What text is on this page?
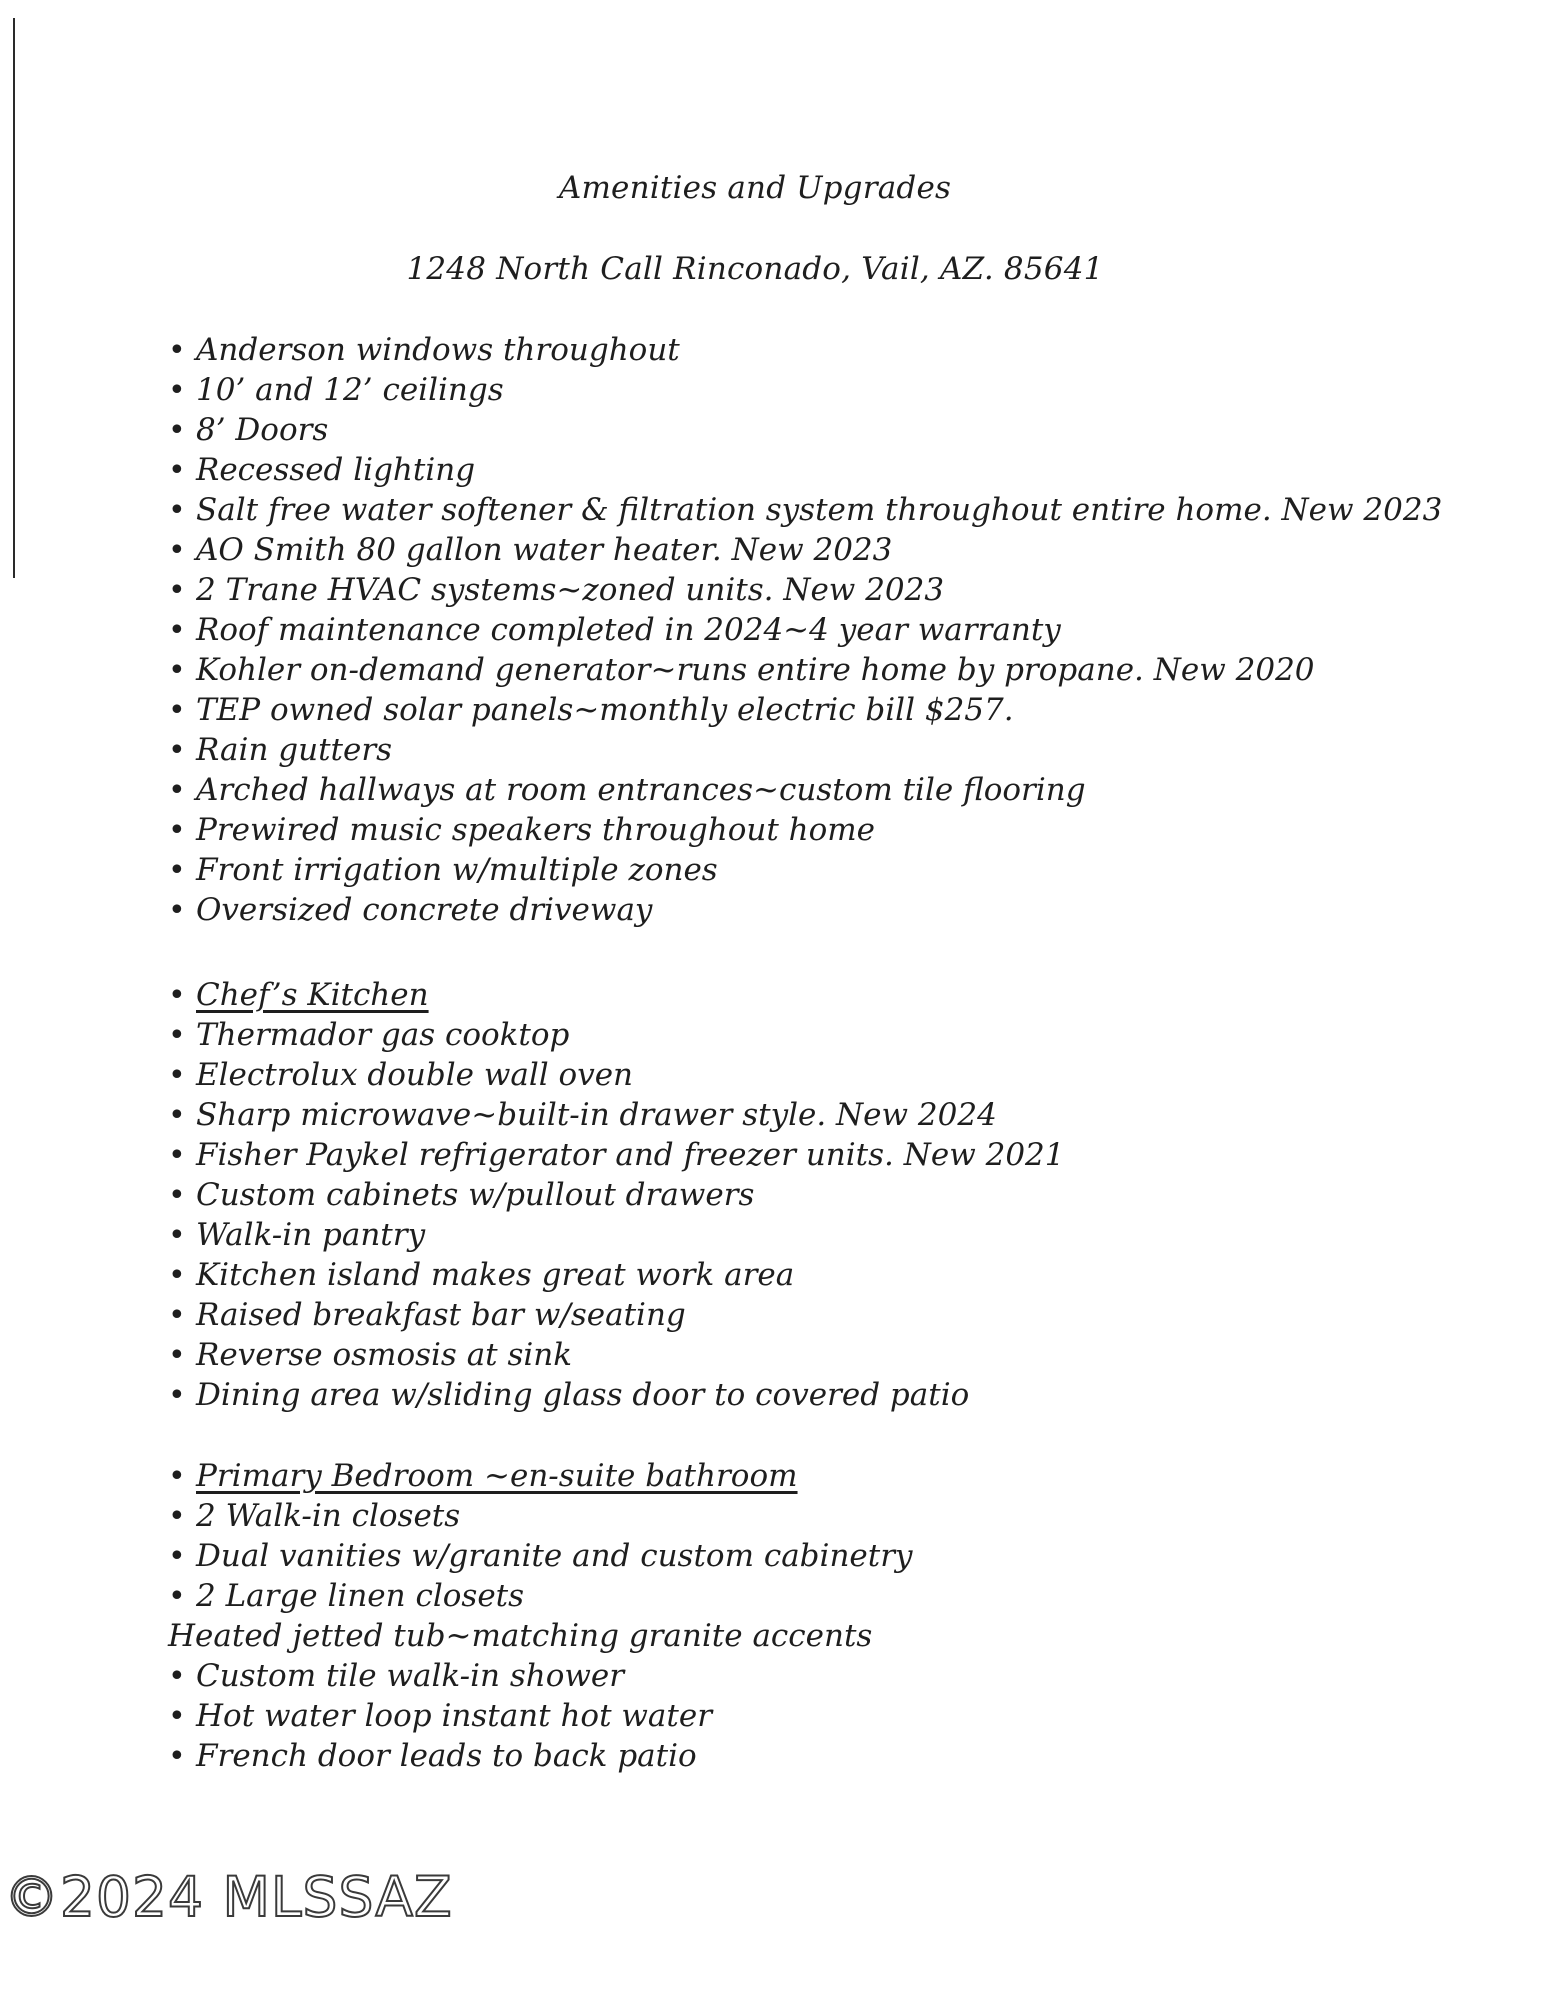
Amenities and Upgrades
1248 North Call Rinconado, Vail, AZ. 85641
• Anderson windows throughout
• 10’ and 12’ ceilings
• 8’ Doors
• Recessed lighting
• Salt free water softener & filtration system throughout entire home. New 2023
• AO Smith 80 gallon water heater. New 2023
• 2 Trane HVAC systems~zoned units. New 2023
• Roof maintenance completed in 2024~4 year warranty
• Kohler on-demand generator~runs entire home by propane. New 2020
• TEP owned solar panels~monthly electric bill $257.
• Rain gutters
• Arched hallways at room entrances~custom tile flooring
• Prewired music speakers throughout home
• Front irrigation w/multiple zones
• Oversized concrete driveway
• Chef’s Kitchen
• Thermador gas cooktop
• Electrolux double wall oven
• Sharp microwave~built-in drawer style. New 2024
• Fisher Paykel refrigerator and freezer units. New 2021
• Custom cabinets w/pullout drawers
• Walk-in pantry
• Kitchen island makes great work area
• Raised breakfast bar w/seating
• Reverse osmosis at sink
• Dining area w/sliding glass door to covered patio
• Primary Bedroom ~en-suite bathroom
• 2 Walk-in closets
• Dual vanities w/granite and custom cabinetry
• 2 Large linen closets
Heated jetted tub~matching granite accents
• Custom tile walk-in shower
• Hot water loop instant hot water
• French door leads to back patio
©2024 MLSSAZ
